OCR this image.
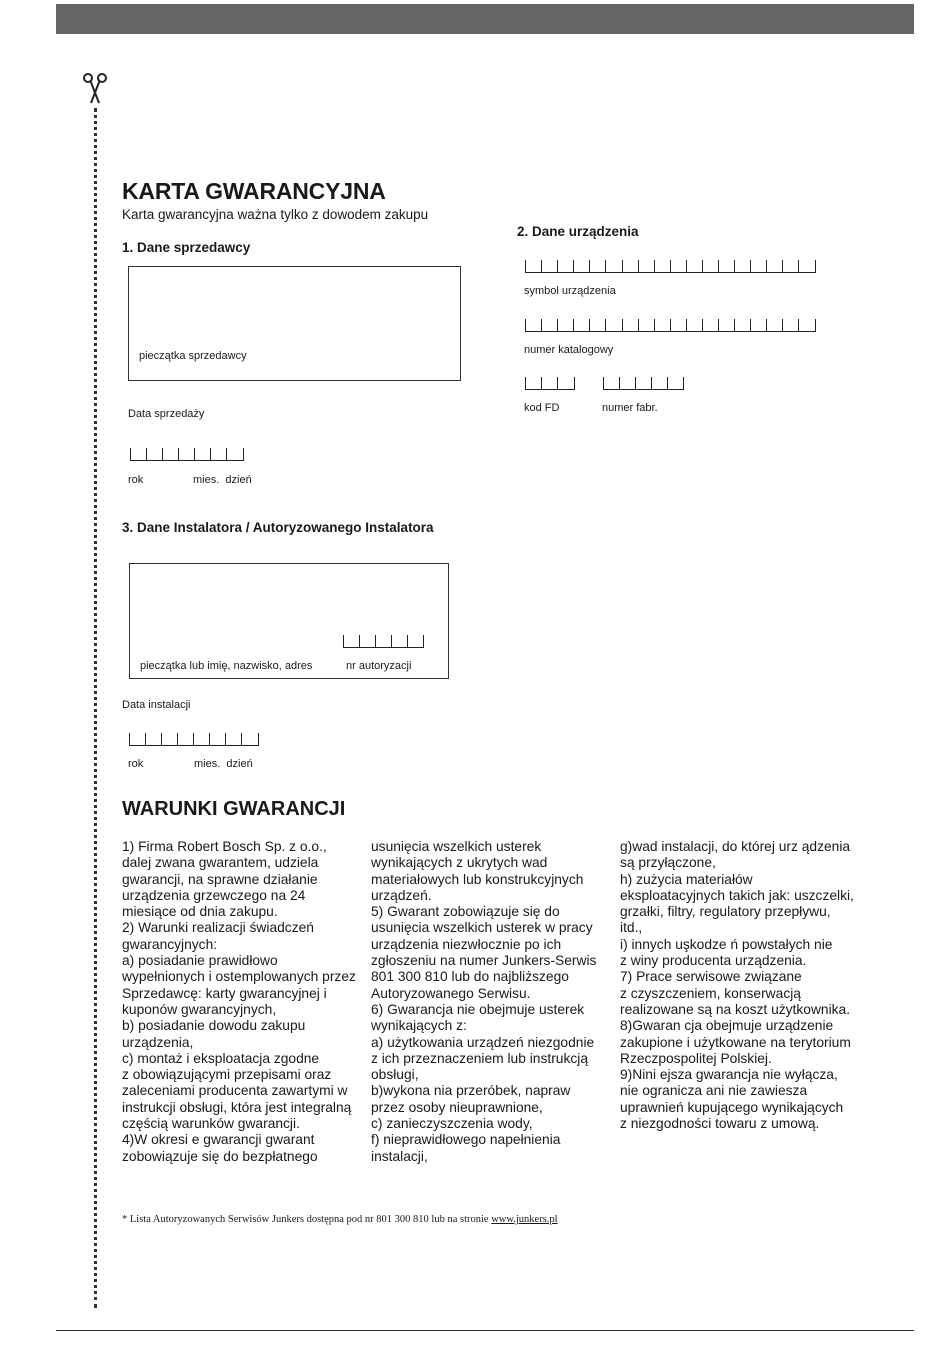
KARTA GWARANCYJNA
Karta gwarancyjna ważna tylko z dowodem zakupu
1. Dane sprzedawcy
pieczątka sprzedawcy
Data sprzedaży
rok	mies.  dzień
2. Dane urządzenia
symbol urządzenia
numer katalogowy
kod FD	numer fabr.
3. Dane Instalatora / Autoryzowanego Instalatora
pieczątka lub imię, nazwisko, adres	nr autoryzacji
Data instalacji
rok	mies.  dzień
WARUNKI GWARANCJI
1) Firma Robert Bosch Sp. z o.o.,
dalej zwana gwarantem, udziela
gwarancji, na sprawne działanie
urządzenia grzewczego na 24
miesiące od dnia zakupu.
2) Warunki realizacji świadczeń
gwarancyjnych:
a) posiadanie prawidłowo
wypełnionych i ostemplowanych przez
Sprzedawcę: karty gwarancyjnej i
kuponów gwarancyjnych,
b) posiadanie dowodu zakupu
urządzenia,
c) montaż i eksploatacja zgodne
z obowiązującymi przepisami oraz
zaleceniami producenta zawartymi w
instrukcji obsługi, która jest integralną
częścią warunków gwarancji.
4)W okresi e gwarancji gwarant
zobowiązuje się do bezpłatnego
usunięcia wszelkich usterek
wynikających z ukrytych wad
materiałowych lub konstrukcyjnych
urządzeń.
5) Gwarant zobowiązuje się do
usunięcia wszelkich usterek w pracy
urządzenia niezwłocznie po ich
zgłoszeniu na numer Junkers-Serwis
801 300 810 lub do najbliższego
Autoryzowanego Serwisu.
6) Gwarancja nie obejmuje usterek
wynikających z:
a) użytkowania urządzeń niezgodnie
z ich przeznaczeniem lub instrukcją
obsługi,
b)wykona nia przeróbek, napraw
przez osoby nieuprawnione,
c) zanieczyszczenia wody,
f) nieprawidłowego napełnienia
instalacji,
g)wad instalacji, do której urz ądzenia
są przyłączone,
h) zużycia materiałów
eksploatacyjnych takich jak: uszczelki,
grzałki, filtry, regulatory przepływu,
itd.,
i) innych uşkodze ń powstałych nie
z winy producenta urządzenia.
7) Prace serwisowe związane
z czyszczeniem, konserwacją
realizowane są na koszt użytkownika.
8)Gwaran cja obejmuje urządzenie
zakupione i użytkowane na terytorium
Rzeczpospolitej Polskiej.
9)Nini ejsza gwarancja nie wyłącza,
nie ogranicza ani nie zawiesza
uprawnień kupującego wynikających
z niezgodności towaru z umową.
* Lista Autoryzowanych Serwisów Junkers dostępna pod nr 801 300 810 lub na stronie www.junkers.pl
